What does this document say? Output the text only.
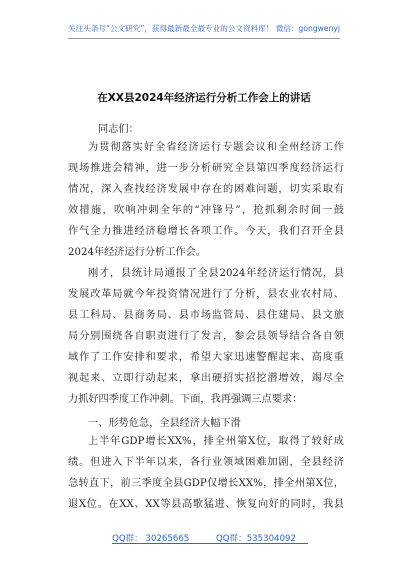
关注头条号“公文研究”，获得最新最全最专业的公文资料库！ 微信：gongwenyj
在XX县2024年经济运行分析工作会上的讲话
同志们：
为贯彻落实好全省经济运行专题会议和全州经济工作
现场推进会精神，进一步分析研究全县第四季度经济运行
情况，深入查找经济发展中存在的困难问题，切实采取有
效措施，吹响冲刺全年的“冲锋号”，抢抓剩余时间一鼓
作气全力推进经济稳增长各项工作。今天，我们召开全县
2024年经济运行分析工作会。
刚才，县统计局通报了全县2024年经济运行情况，县
发展改革局就今年投资情况进行了分析，县农业农村局、
县工科局、县商务局、县市场监管局、县住建局、县文旅
局分别围绕各自职责进行了发言，参会县领导结合各自领
域作了工作安排和要求，希望大家迅速警醒起来、高度重
视起来、立即行动起来，拿出硬招实招挖潜增效，竭尽全
力抓好四季度工作冲刺。下面，我再强调三点要求：
一、形势危急，全县经济大幅下滑
上半年GDP增长XX%，排全州第X位，取得了较好成
绩。但进入下半年以来，各行业领域困难加剧，全县经济
急转直下，前三季度全县GDP仅增长XX%，排全州第X位，
退X位。在XX、XX等县高歌猛进、恢复向好的同时，我县
QQ群： 30265665	QQ群：535304092
